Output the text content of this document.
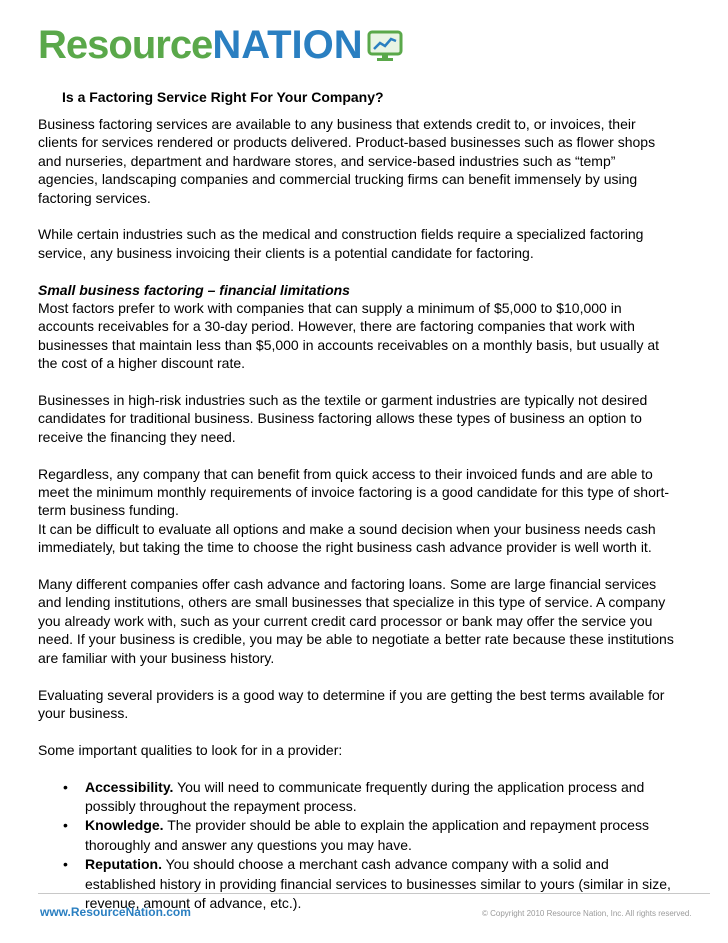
Resource NATION
Is a Factoring Service Right For Your Company?

Business factoring services are available to any business that extends credit to, or invoices, their clients for services rendered or products delivered. Product-based businesses such as flower shops and nurseries, department and hardware stores, and service-based industries such as “temp” agencies, landscaping companies and commercial trucking firms can benefit immensely by using factoring services.

While certain industries such as the medical and construction fields require a specialized factoring service, any business invoicing their clients is a potential candidate for factoring.

Small business factoring – financial limitations
Most factors prefer to work with companies that can supply a minimum of $5,000 to $10,000 in accounts receivables for a 30-day period. However, there are factoring companies that work with businesses that maintain less than $5,000 in accounts receivables on a monthly basis, but usually at the cost of a higher discount rate.

Businesses in high-risk industries such as the textile or garment industries are typically not desired candidates for traditional business. Business factoring allows these types of business an option to receive the financing they need.

Regardless, any company that can benefit from quick access to their invoiced funds and are able to meet the minimum monthly requirements of invoice factoring is a good candidate for this type of short-term business funding.

It can be difficult to evaluate all options and make a sound decision when your business needs cash immediately, but taking the time to choose the right business cash advance provider is well worth it.

Many different companies offer cash advance and factoring loans. Some are large financial services and lending institutions, others are small businesses that specialize in this type of service. A company you already work with, such as your current credit card processor or bank may offer the service you need. If your business is credible, you may be able to negotiate a better rate because these institutions are familiar with your business history.

Evaluating several providers is a good way to determine if you are getting the best terms available for your business.

Some important qualities to look for in a provider:

• Accessibility. You will need to communicate frequently during the application process and possibly throughout the repayment process.
• Knowledge. The provider should be able to explain the application and repayment process thoroughly and answer any questions you may have.
• Reputation. You should choose a merchant cash advance company with a solid and established history in providing financial services to businesses similar to yours (similar in size, revenue, amount of advance, etc.).
www.ResourceNation.com	© Copyright 2010 Resource Nation, Inc. All rights reserved.
